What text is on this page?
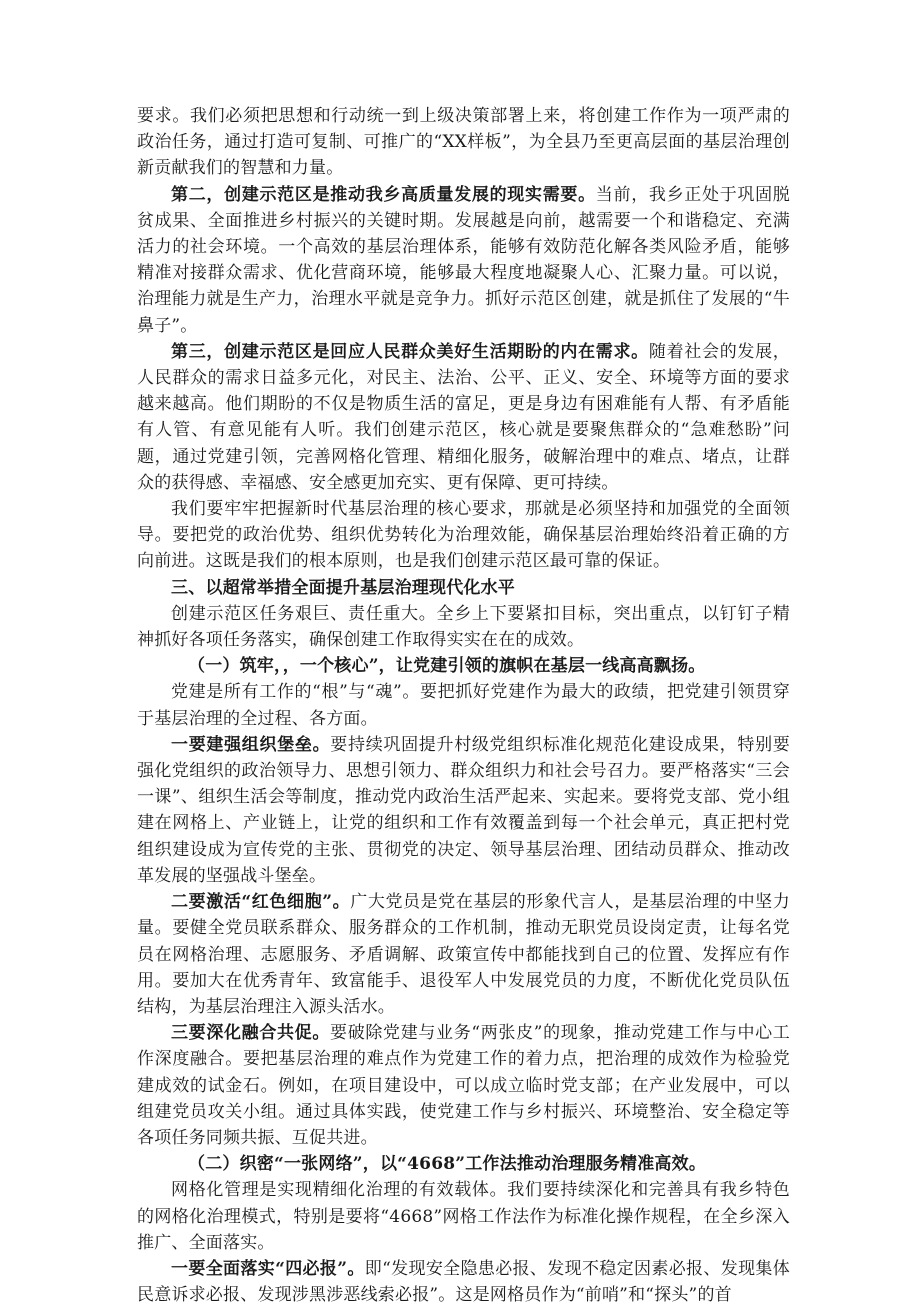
要求。我们必须把思想和行动统一到上级决策部署上来，将创建工作作为一项严肃的政治任务，通过打造可复制、可推广的“XX样板”，为全县乃至更高层面的基层治理创新贡献我们的智慧和力量。

第二，创建示范区是推动我乡高质量发展的现实需要。当前，我乡正处于巩固脱贫成果、全面推进乡村振兴的关键时期。发展越是向前，越需要一个和谐稳定、充满活力的社会环境。一个高效的基层治理体系，能够有效防范化解各类风险矛盾，能够精准对接群众需求、优化营商环境，能够最大程度地凝聚人心、汇聚力量。可以说，治理能力就是生产力，治理水平就是竞争力。抓好示范区创建，就是抓住了发展的“牛鼻子”。

第三，创建示范区是回应人民群众美好生活期盼的内在需求。随着社会的发展，人民群众的需求日益多元化，对民主、法治、公平、正义、安全、环境等方面的要求越来越高。他们期盼的不仅是物质生活的富足，更是身边有困难能有人帮、有矛盾能有人管、有意见能有人听。我们创建示范区，核心就是要聚焦群众的“急难愁盼”问题，通过党建引领，完善网格化管理、精细化服务，破解治理中的难点、堵点，让群众的获得感、幸福感、安全感更加充实、更有保障、更可持续。

我们要牢牢把握新时代基层治理的核心要求，那就是必须坚持和加强党的全面领导。要把党的政治优势、组织优势转化为治理效能，确保基层治理始终沿着正确的方向前进。这既是我们的根本原则，也是我们创建示范区最可靠的保证。

三、以超常举措全面提升基层治理现代化水平

创建示范区任务艰巨、责任重大。全乡上下要紧扣目标，突出重点，以钉钉子精神抓好各项任务落实，确保创建工作取得实实在在的成效。

（一）筑牢，，一个核心”，让党建引领的旗帜在基层一线高高飘扬。

党建是所有工作的“根”与“魂”。要把抓好党建作为最大的政绩，把党建引领贯穿于基层治理的全过程、各方面。

一要建强组织堡垒。要持续巩固提升村级党组织标准化规范化建设成果，特别要强化党组织的政治领导力、思想引领力、群众组织力和社会号召力。要严格落实“三会一课”、组织生活会等制度，推动党内政治生活严起来、实起来。要将党支部、党小组建在网格上、产业链上，让党的组织和工作有效覆盖到每一个社会单元，真正把村党组织建设成为宣传党的主张、贯彻党的决定、领导基层治理、团结动员群众、推动改革发展的坚强战斗堡垒。

二要激活“红色细胞”。广大党员是党在基层的形象代言人，是基层治理的中坚力量。要健全党员联系群众、服务群众的工作机制，推动无职党员设岗定责，让每名党员在网格治理、志愿服务、矛盾调解、政策宣传中都能找到自己的位置、发挥应有作用。要加大在优秀青年、致富能手、退役军人中发展党员的力度，不断优化党员队伍结构，为基层治理注入源头活水。

三要深化融合共促。要破除党建与业务“两张皮”的现象，推动党建工作与中心工作深度融合。要把基层治理的难点作为党建工作的着力点，把治理的成效作为检验党建成效的试金石。例如，在项目建设中，可以成立临时党支部；在产业发展中，可以组建党员攻关小组。通过具体实践，使党建工作与乡村振兴、环境整治、安全稳定等各项任务同频共振、互促共进。

（二）织密“一张网络”，以“4668”工作法推动治理服务精准高效。

网格化管理是实现精细化治理的有效载体。我们要持续深化和完善具有我乡特色的网格化治理模式，特别是要将“4668”网格工作法作为标准化操作规程，在全乡深入推广、全面落实。

一要全面落实“四必报”。即“发现安全隐患必报、发现不稳定因素必报、发现集体民意诉求必报、发现涉黑涉恶线索必报”。这是网格员作为“前哨”和“探头”的首
